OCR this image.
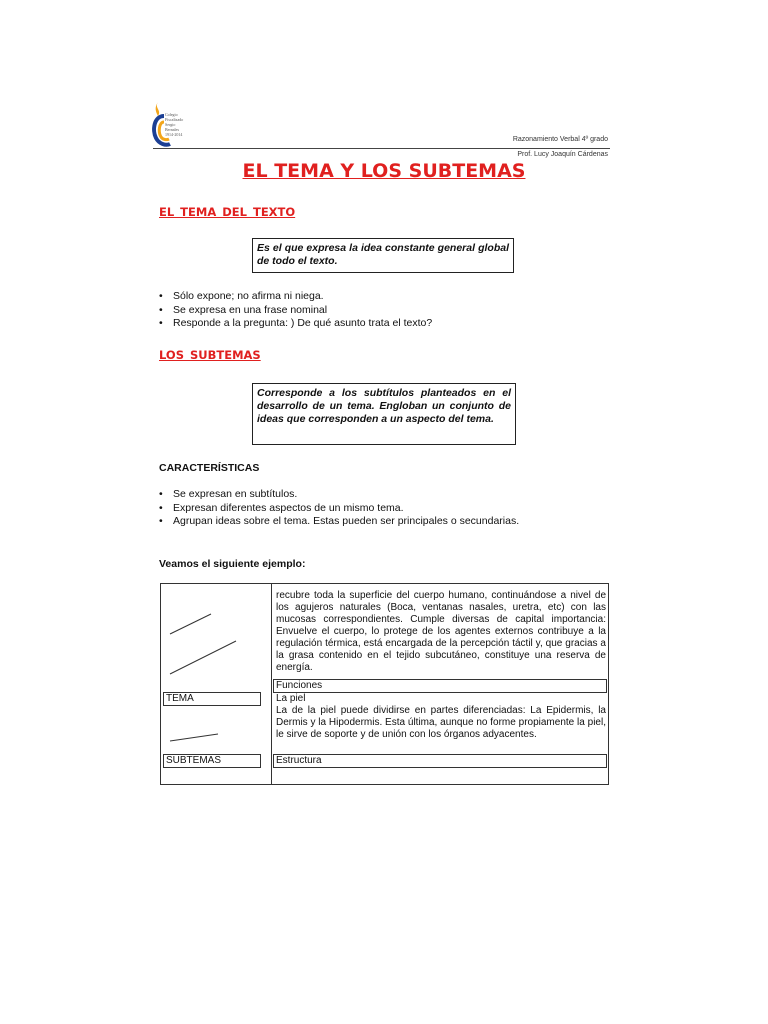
Colegio
Fiscalizado
Sergio
Bernales
1914-2014
Razonamiento Verbal 4º grado
Prof. Lucy Joaquín Cárdenas
EL TEMA Y LOS SUBTEMAS
EL TEMA DEL TEXTO
Es el que expresa la idea constante general global de todo el texto.
• Sólo expone; no afirma ni niega.
• Se expresa en una frase nominal
• Responde a la pregunta: ) De qué asunto trata el texto?
LOS SUBTEMAS
Corresponde a los subtítulos planteados en el desarrollo de un tema. Engloban un conjunto de ideas que corresponden a un aspecto del tema.
CARACTERÍSTICAS
• Se expresan en subtítulos.
• Expresan diferentes aspectos de un mismo tema.
• Agrupan ideas sobre el tema. Estas pueden ser principales o secundarias.
Veamos el siguiente ejemplo:
TEMA
SUBTEMAS
recubre toda la superficie del cuerpo humano, continuándose a nivel de los agujeros naturales (Boca, ventanas nasales, uretra, etc) con las mucosas correspondientes. Cumple diversas de capital importancia: Envuelve el cuerpo, lo protege de los agentes externos contribuye a la regulación térmica, está encargada de la percepción táctil y, que gracias a la grasa contenido en el tejido subcutáneo, constituye una reserva de energía.
Funciones
La piel
La de la piel puede dividirse en partes diferenciadas: La Epidermis, la Dermis y la Hipodermis. Esta última, aunque no forme propiamente la piel, le sirve de soporte y de unión con los órganos adyacentes.
Estructura
